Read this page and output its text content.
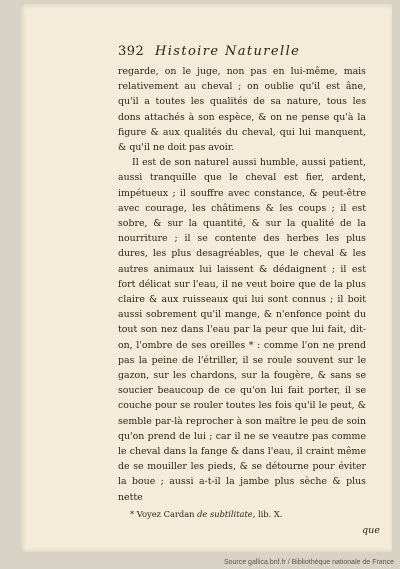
392 Histoire Naturelle

regarde, on le juge, non pas en lui-même, mais relativement au cheval ; on oublie qu'il est âne, qu'il a toutes les qualités de sa nature, tous les dons attachés à son espèce, & on ne pense qu'à la figure & aux qualités du cheval, qui lui manquent, & qu'il ne doit pas avoir.

Il est de son naturel aussi humble, aussi patient, aussi tranquille que le cheval est fier, ardent, impétueux ; il souffre avec constance, & peut-être avec courage, les châtimens & les coups ; il est sobre, & sur la quantité, & sur la qualité de la nourriture ; il se contente des herbes les plus dures, les plus desagréables, que le cheval & les autres animaux lui laissent & dédaignent ; il est fort délicat sur l'eau, il ne veut boire que de la plus claire & aux ruisseaux qui lui sont connus ; il boit aussi sobrement qu'il mange, & n'enfonce point du tout son nez dans l'eau par la peur que lui fait, dit-on, l'ombre de ses oreilles * : comme l'on ne prend pas la peine de l'étriller, il se roule souvent sur le gazon, sur les chardons, sur la fougère, & sans se soucier beaucoup de ce qu'on lui fait porter, il se couche pour se rouler toutes les fois qu'il le peut, & semble par-là reprocher à son maître le peu de soin qu'on prend de lui ; car il ne se veautre pas comme le cheval dans la fange & dans l'eau, il craint même de se mouiller les pieds, & se détourne pour éviter la boue ; aussi a-t-il la jambe plus sèche & plus nette

* Voyez Cardan de subtilitate, lib. X.
que
Source gallica.bnf.fr / Bibliothèque nationale de France
